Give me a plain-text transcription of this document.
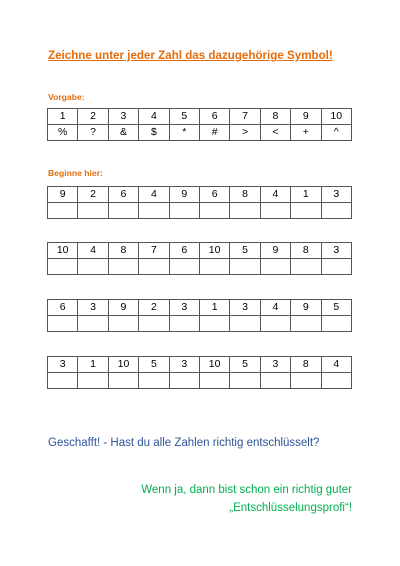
Zeichne unter jeder Zahl das dazugehörige Symbol!

Vorgabe:

1	2	3	4	5	6	7	8	9	10
%	?	&	$	*	#	>	<	+	^

Beginne hier:

9	2	6	4	9	6	8	4	1	3

10	4	8	7	6	10	5	9	8	3

6	3	9	2	3	1	3	4	9	5

3	1	10	5	3	10	5	3	8	4

Geschafft! - Hast du alle Zahlen richtig entschlüsselt?

Wenn ja, dann bist schon ein richtig guter

„Entschlüsselungsprofi“!
